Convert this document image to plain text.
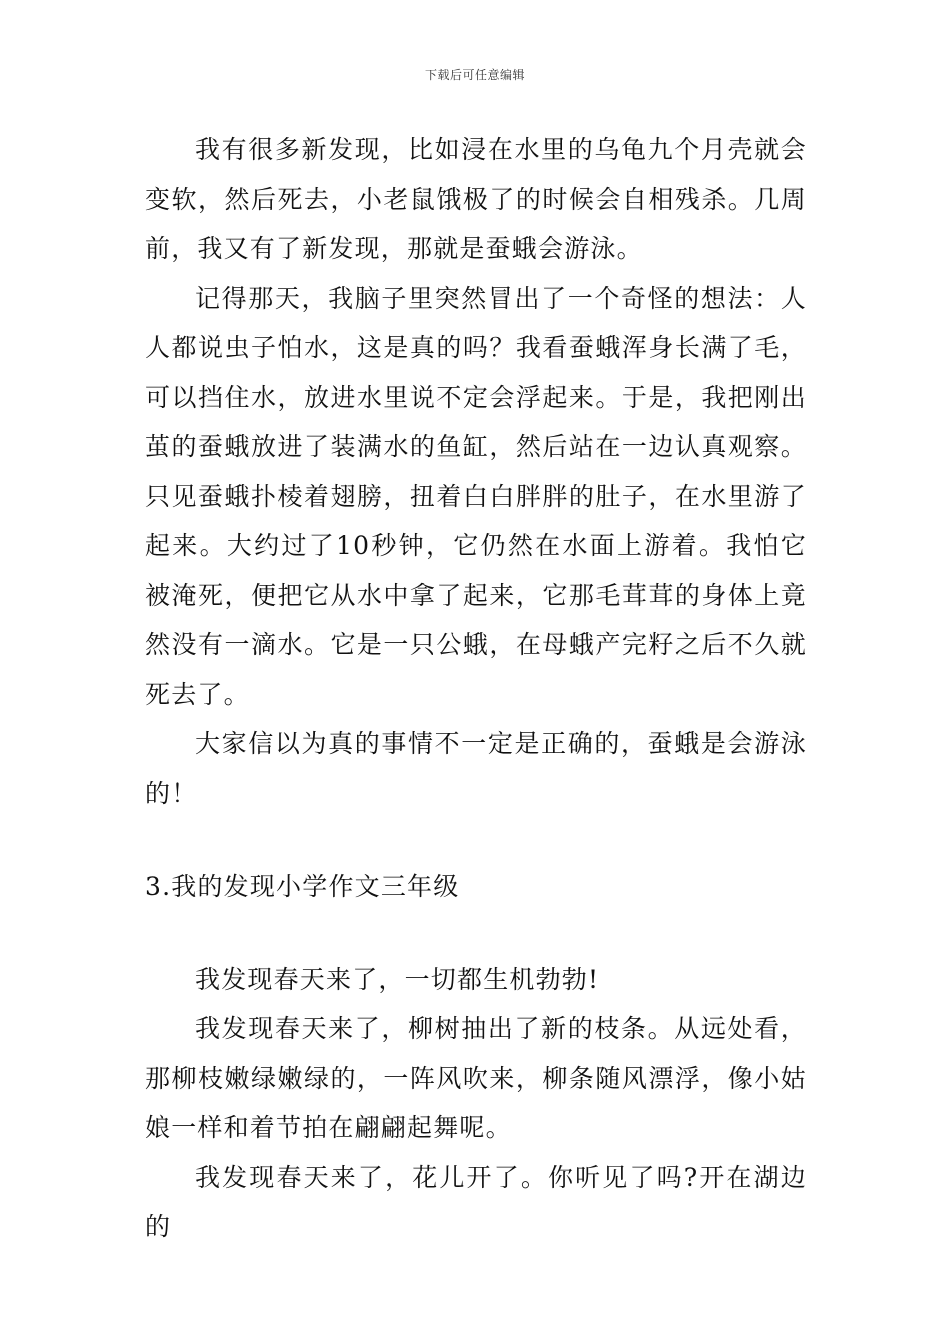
下载后可任意编辑

我有很多新发现，比如浸在水里的乌龟九个月壳就会变软，然后死去，小老鼠饿极了的时候会自相残杀。几周前，我又有了新发现，那就是蚕蛾会游泳。

记得那天，我脑子里突然冒出了一个奇怪的想法：人人都说虫子怕水，这是真的吗？我看蚕蛾浑身长满了毛，可以挡住水，放进水里说不定会浮起来。于是，我把刚出茧的蚕蛾放进了装满水的鱼缸，然后站在一边认真观察。只见蚕蛾扑棱着翅膀，扭着白白胖胖的肚子，在水里游了起来。大约过了10秒钟，它仍然在水面上游着。我怕它被淹死，便把它从水中拿了起来，它那毛茸茸的身体上竟然没有一滴水。它是一只公蛾，在母蛾产完籽之后不久就死去了。

大家信以为真的事情不一定是正确的，蚕蛾是会游泳的！

3.我的发现小学作文三年级

我发现春天来了，一切都生机勃勃!

我发现春天来了，柳树抽出了新的枝条。从远处看，那柳枝嫩绿嫩绿的，一阵风吹来，柳条随风漂浮，像小姑娘一样和着节拍在翩翩起舞呢。

我发现春天来了，花儿开了。你听见了吗?开在湖边的
